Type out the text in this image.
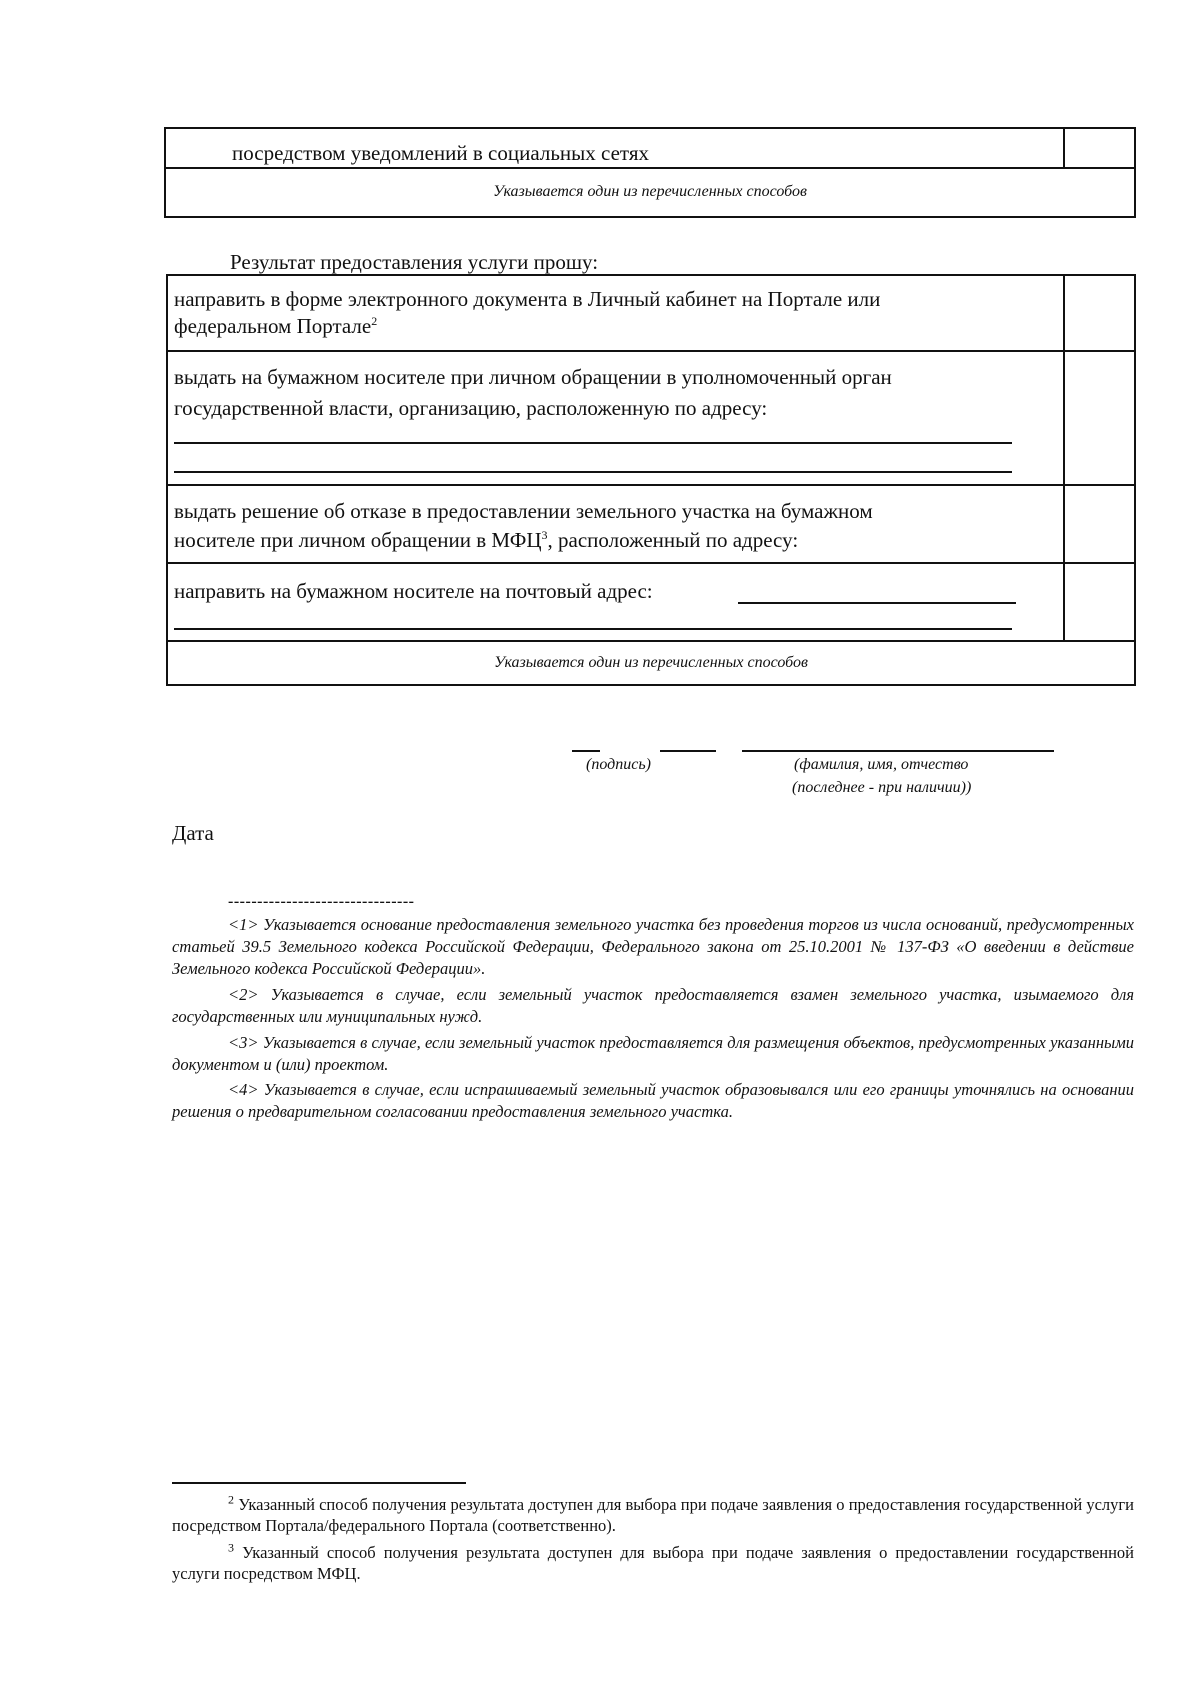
посредством уведомлений в социальных сетях
Указывается один из перечисленных способов
Результат предоставления услуги прошу:
направить в форме электронного документа в Личный кабинет на Портале или
федеральном Портале$^2$
выдать на бумажном носителе при личном обращении в уполномоченный орган
государственной власти, организацию, расположенную по адресу:
выдать решение об отказе в предоставлении земельного участка на бумажном
носителе при личном обращении в МФЦ$^3$, расположенный по адресу:
направить на бумажном носителе на почтовый адрес:
Указывается один из перечисленных способов
(подпись)	(фамилия, имя, отчество
(последнее - при наличии))
Дата
--------------------------------
<1> Указывается основание предоставления земельного участка без проведения торгов из числа оснований, предусмотренных статьей 39.5 Земельного кодекса Российской Федерации, Федерального закона от 25.10.2001 № 137-ФЗ «О введении в действие Земельного кодекса Российской Федерации».
<2> Указывается в случае, если земельный участок предоставляется взамен земельного участка, изымаемого для государственных или муниципальных нужд.
<3> Указывается в случае, если земельный участок предоставляется для размещения объектов, предусмотренных указанными документом и (или) проектом.
<4> Указывается в случае, если испрашиваемый земельный участок образовывался или его границы уточнялись на основании решения о предварительном согласовании предоставления земельного участка.
$^2$ Указанный способ получения результата доступен для выбора при подаче заявления о предоставления государственной услуги посредством Портала/федерального Портала (соответственно).
$^3$ Указанный способ получения результата доступен для выбора при подаче заявления о предоставлении государственной услуги посредством МФЦ.
